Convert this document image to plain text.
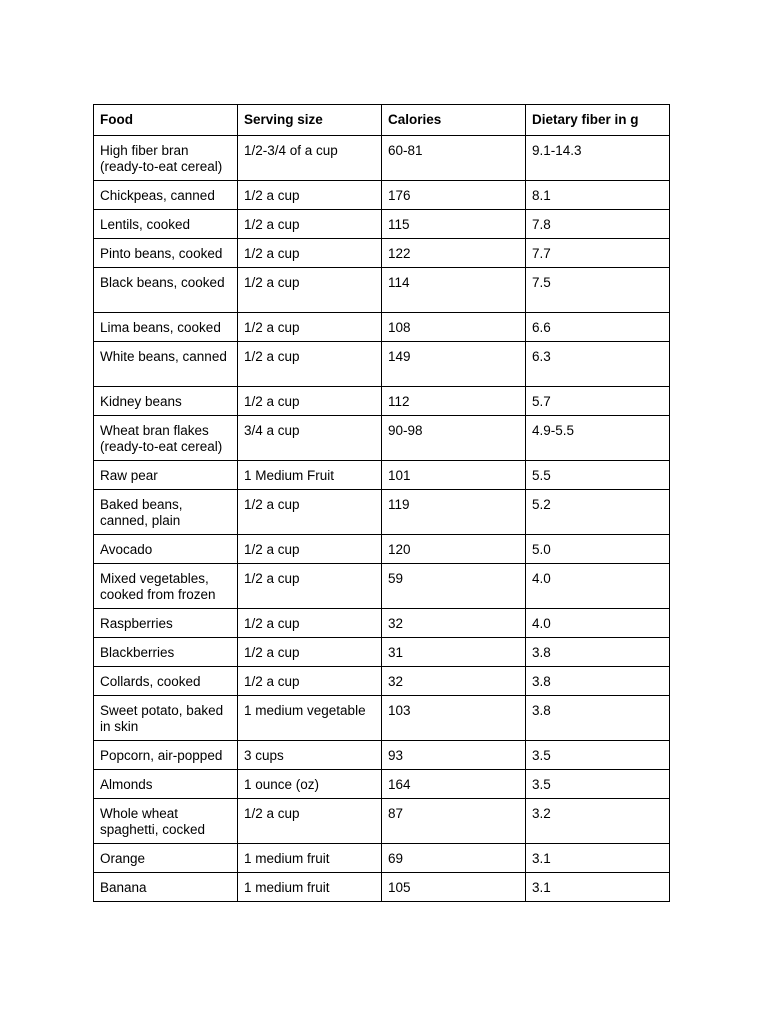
Food	Serving size	Calories	Dietary fiber in g
High fiber bran (ready-to-eat cereal)	1/2-3/4 of a cup	60-81	9.1-14.3
Chickpeas, canned	1/2 a cup	176	8.1
Lentils, cooked	1/2 a cup	115	7.8
Pinto beans, cooked	1/2 a cup	122	7.7
Black beans, cooked	1/2 a cup	114	7.5
Lima beans, cooked	1/2 a cup	108	6.6
White beans, canned	1/2 a cup	149	6.3
Kidney beans	1/2 a cup	112	5.7
Wheat bran flakes (ready-to-eat cereal)	3/4 a cup	90-98	4.9-5.5
Raw pear	1 Medium Fruit	101	5.5
Baked beans, canned, plain	1/2 a cup	119	5.2
Avocado	1/2 a cup	120	5.0
Mixed vegetables, cooked from frozen	1/2 a cup	59	4.0
Raspberries	1/2 a cup	32	4.0
Blackberries	1/2 a cup	31	3.8
Collards, cooked	1/2 a cup	32	3.8
Sweet potato, baked in skin	1 medium vegetable	103	3.8
Popcorn, air-popped	3 cups	93	3.5
Almonds	1 ounce (oz)	164	3.5
Whole wheat spaghetti, cocked	1/2 a cup	87	3.2
Orange	1 medium fruit	69	3.1
Banana	1 medium fruit	105	3.1
